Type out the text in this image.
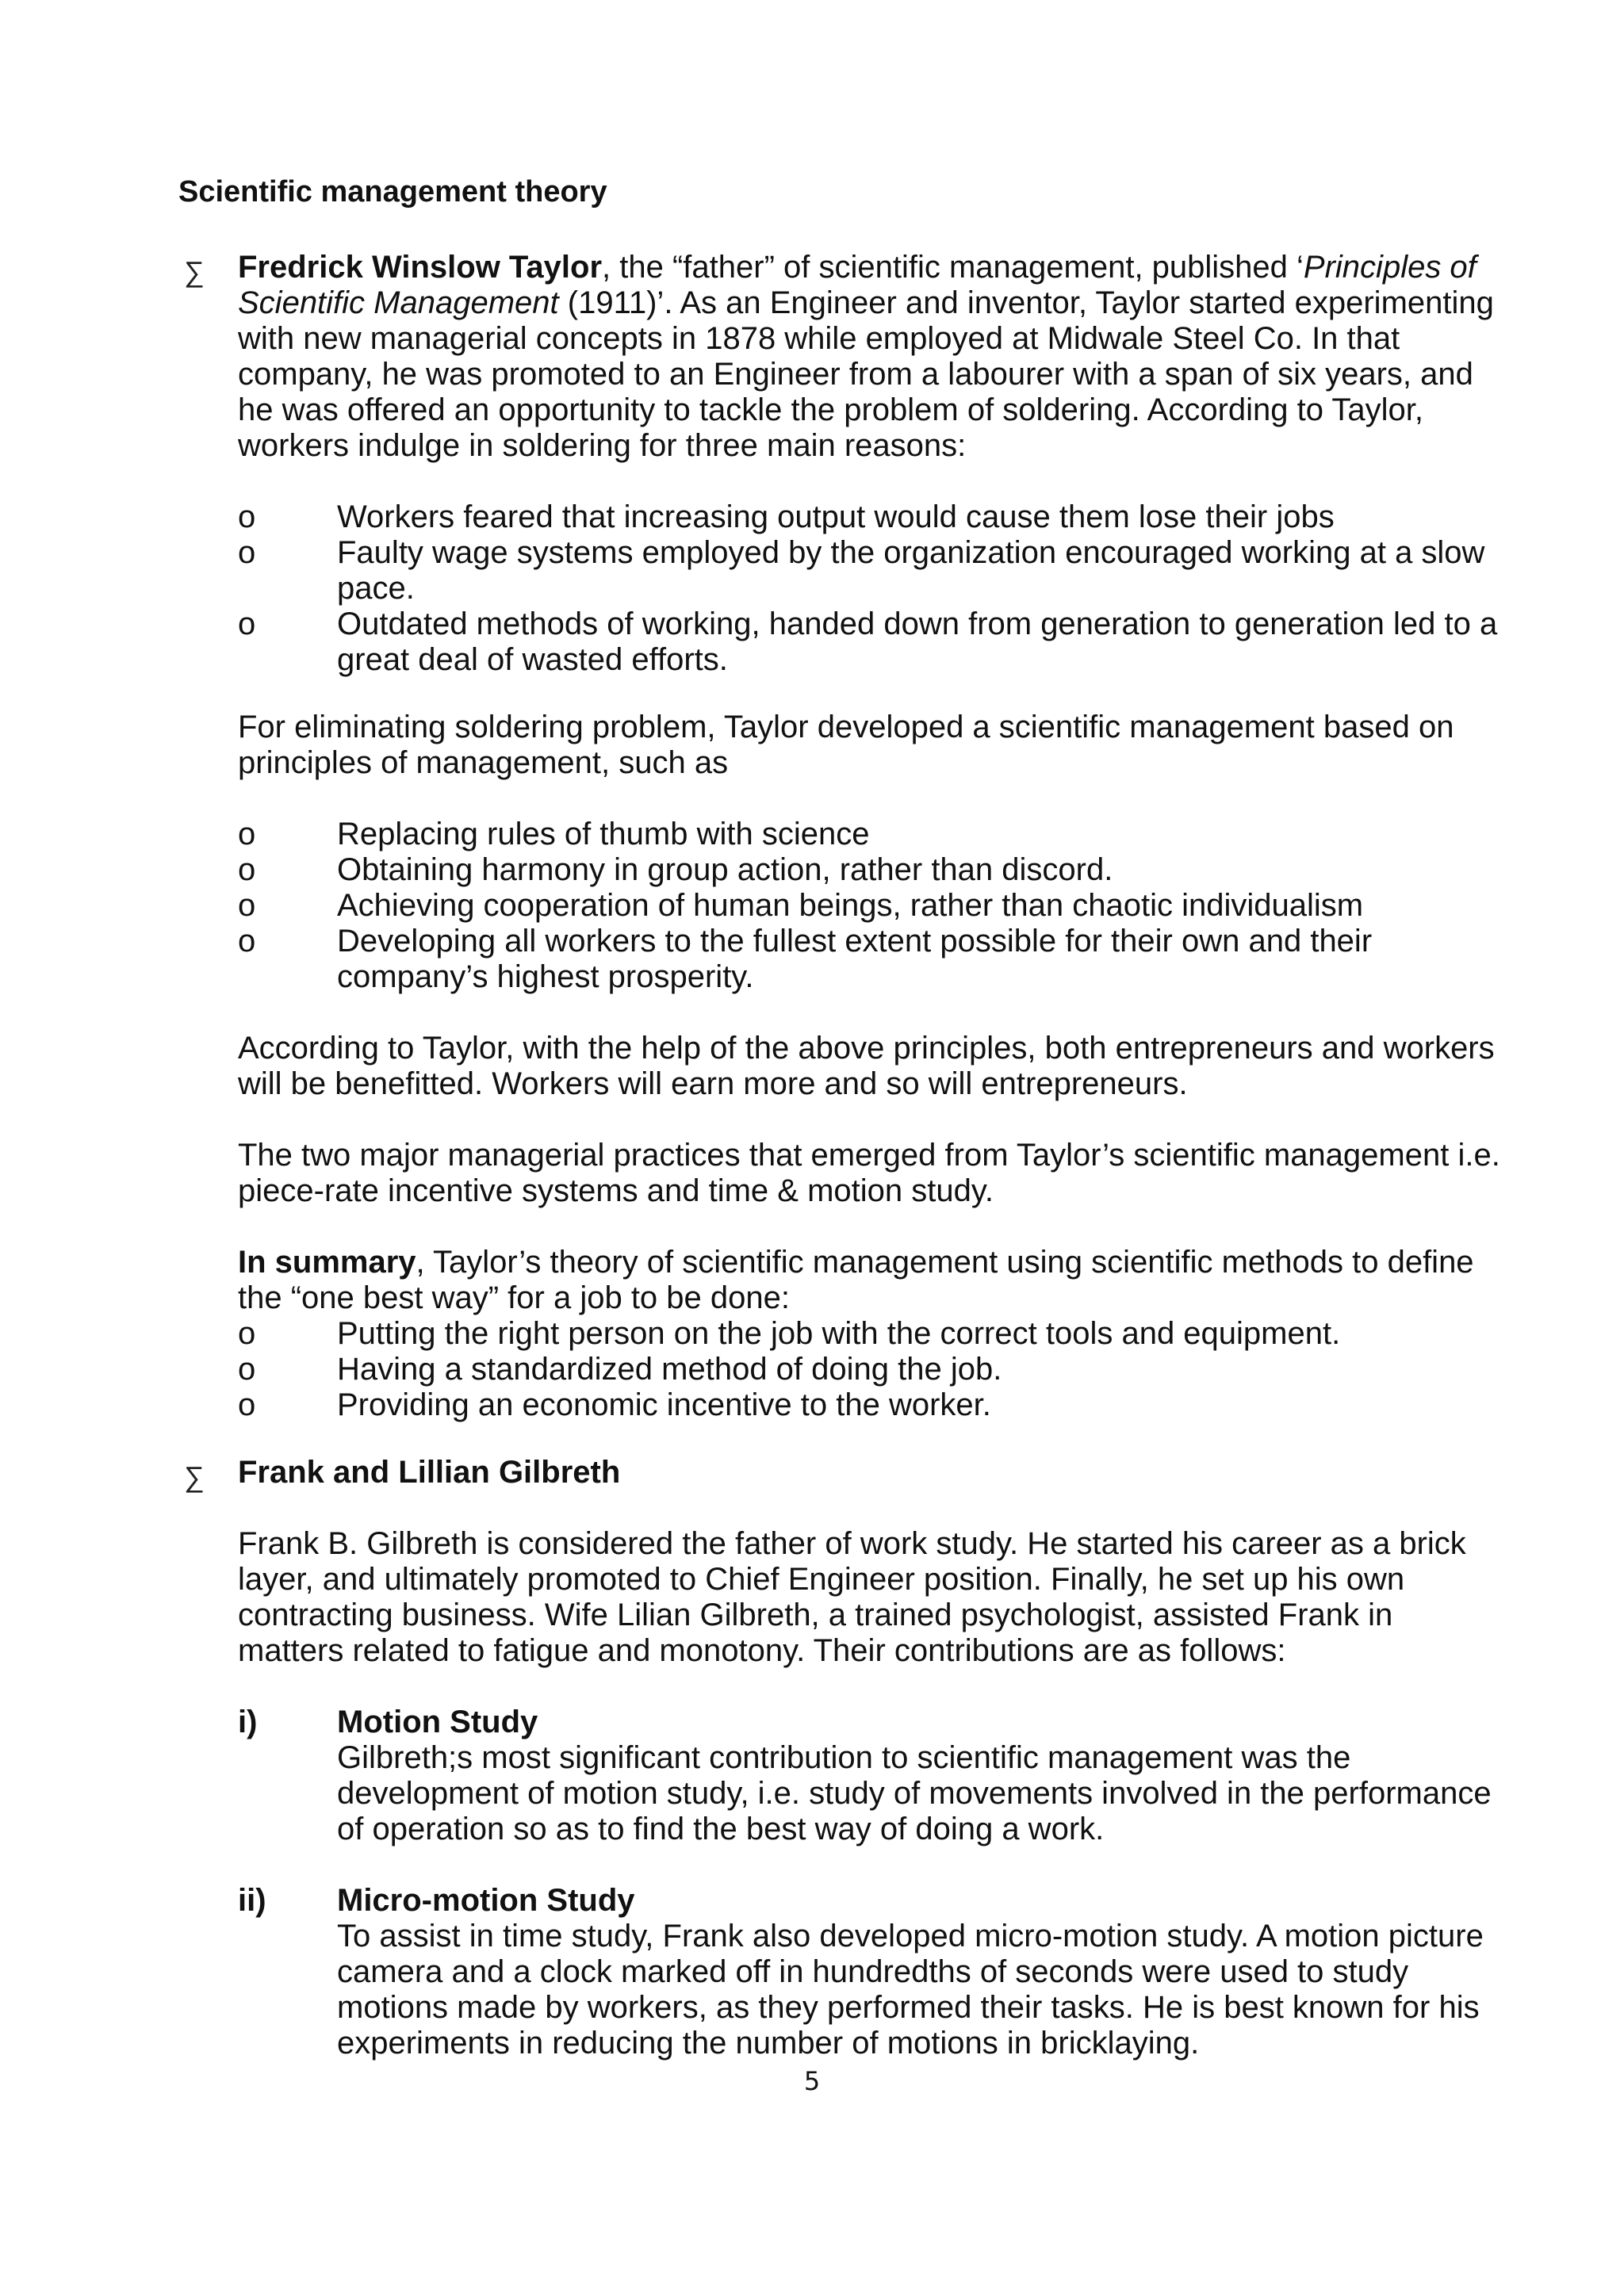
Scientific management theory
∑ Fredrick Winslow Taylor, the “father” of scientific management, published ‘Principles of Scientific Management (1911)’. As an Engineer and inventor, Taylor started experimenting with new managerial concepts in 1878 while employed at Midwale Steel Co. In that company, he was promoted to an Engineer from a labourer with a span of six years, and he was offered an opportunity to tackle the problem of soldering. According to Taylor, workers indulge in soldering for three main reasons:

o	Workers feared that increasing output would cause them lose their jobs
o	Faulty wage systems employed by the organization encouraged working at a slow pace.
o	Outdated methods of working, handed down from generation to generation led to a great deal of wasted efforts.

For eliminating soldering problem, Taylor developed a scientific management based on principles of management, such as

o	Replacing rules of thumb with science
o	Obtaining harmony in group action, rather than discord.
o	Achieving cooperation of human beings, rather than chaotic individualism
o	Developing all workers to the fullest extent possible for their own and their company’s highest prosperity.

According to Taylor, with the help of the above principles, both entrepreneurs and workers will be benefitted. Workers will earn more and so will entrepreneurs.

The two major managerial practices that emerged from Taylor’s scientific management i.e. piece-rate incentive systems and time & motion study.

In summary, Taylor’s theory of scientific management using scientific methods to define the “one best way” for a job to be done:

o	Putting the right person on the job with the correct tools and equipment.
o	Having a standardized method of doing the job.
o	Providing an economic incentive to the worker.
∑ Frank and Lillian Gilbreth

Frank B. Gilbreth is considered the father of work study. He started his career as a brick layer, and ultimately promoted to Chief Engineer position. Finally, he set up his own contracting business. Wife Lilian Gilbreth, a trained psychologist, assisted Frank in matters related to fatigue and monotony. Their contributions are as follows:

i)	Motion Study
Gilbreth;s most significant contribution to scientific management was the development of motion study, i.e. study of movements involved in the performance of operation so as to find the best way of doing a work.
ii) Micro-motion Study
To assist in time study, Frank also developed micro-motion study. A motion picture camera and a clock marked off in hundredths of seconds were used to study motions made by workers, as they performed their tasks. He is best known for his experiments in reducing the number of motions in bricklaying.
5
